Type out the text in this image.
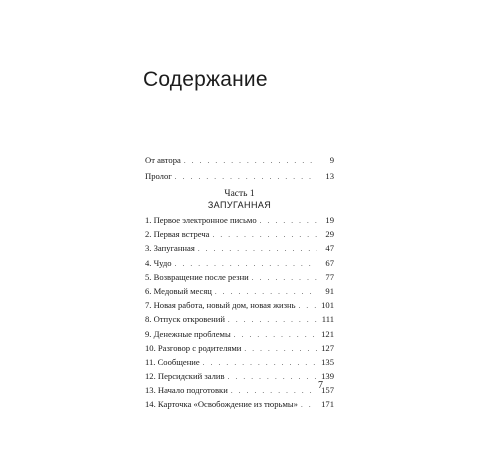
Содержание
От автора . . .	9
Пролог . . .	13
Часть 1
ЗАПУГАННАЯ
1. Первое электронное письмо . . .	19
2. Первая встреча . . .	29
3. Запуганная . . .	47
4. Чудо . . .	67
5. Возвращение после резни . . .	77
6. Медовый месяц . . .	91
7. Новая работа, новый дом, новая жизнь . . .	101
8. Отпуск откровений . . .	111
9. Денежные проблемы . . .	121
10. Разговор с родителями . . .	127
11. Сообщение . . .	135
12. Персидский залив . . .	139
13. Начало подготовки . . .	157
14. Карточка «Освобождение из тюрьмы» . . .	171
7
